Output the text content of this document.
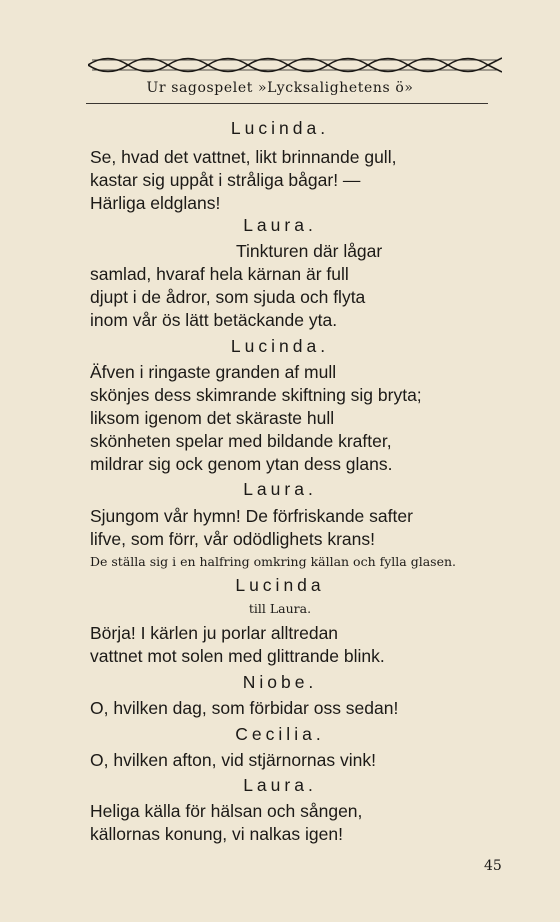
Ur sagospelet »Lycksalighetens ö»
Lucinda.
Se, hvad det vattnet, likt brinnande gull,
kastar sig uppåt i stråliga bågar! —
Härliga eldglans!
Laura.
Tinkturen där lågar
samlad, hvaraf hela kärnan är full
djupt i de ådror, som sjuda och flyta
inom vår ös lätt betäckande yta.
Lucinda.
Äfven i ringaste granden af mull
skönjes dess skimrande skiftning sig bryta;
liksom igenom det skäraste hull
skönheten spelar med bildande krafter,
mildrar sig ock genom ytan dess glans.
Laura.
Sjungom vår hymn! De förfriskande safter
lifve, som förr, vår odödlighets krans!
De ställa sig i en halfring omkring källan och fylla glasen.
Lucinda
till Laura.
Börja! I kärlen ju porlar alltredan
vattnet mot solen med glittrande blink.
Niobe.
O, hvilken dag, som förbidar oss sedan!
Cecilia.
O, hvilken afton, vid stjärnornas vink!
Laura.
Heliga källa för hälsan och sången,
källornas konung, vi nalkas igen!
45
